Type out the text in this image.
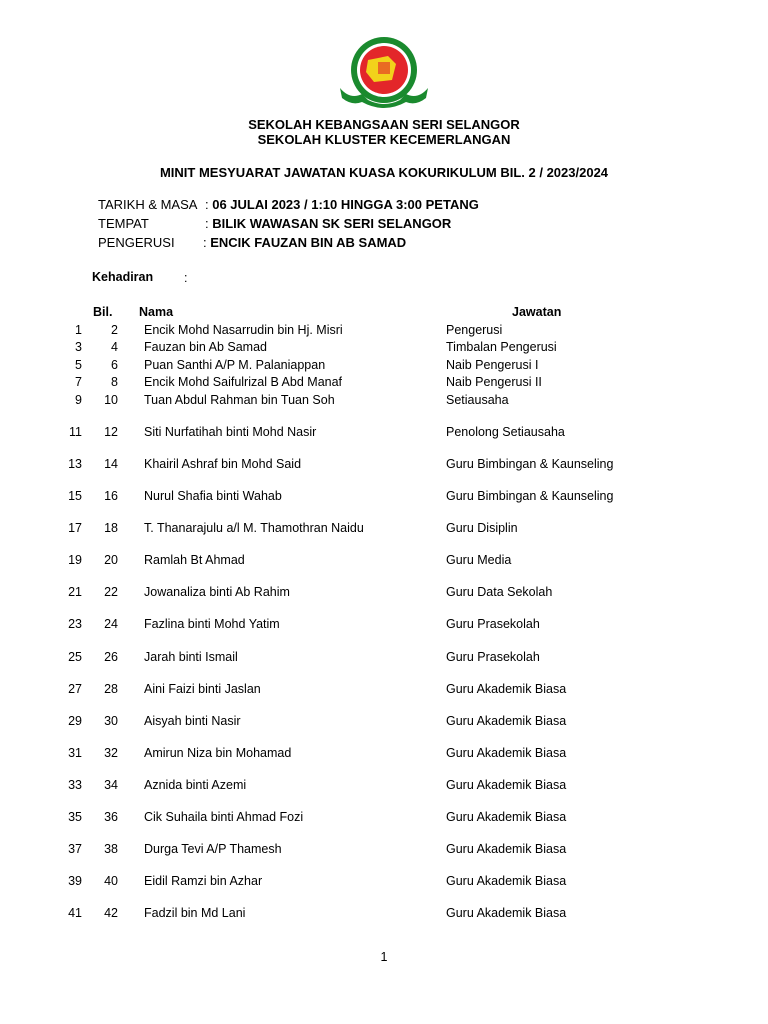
SEKOLAH KEBANGSAAN SERI SELANGOR
SEKOLAH KLUSTER KECEMERLANGAN
MINIT MESYUARAT JAWATAN KUASA KOKURIKULUM BIL. 2 / 2023/2024
TARIKH & MASA : 06 JULAI 2023 / 1:10 HINGGA 3:00 PETANG
TEMPAT	: BILIK WAWASAN SK SERI SELANGOR
PENGERUSI : ENCIK FAUZAN BIN AB SAMAD
Kehadiran :
Bil. Nama	Jawatan
1	2 Encik Mohd Nasarrudin bin Hj. Misri	Pengerusi
3	4 Fauzan bin Ab Samad	Timbalan Pengerusi
5	6 Puan Santhi A/P M. Palaniappan	Naib Pengerusi I
7	8 Encik Mohd Saifulrizal B Abd Manaf	Naib Pengerusi II
9	10 Tuan Abdul Rahman bin Tuan Soh	Setiausaha
11	12 Siti Nurfatihah binti Mohd Nasir	Penolong Setiausaha
13	14 Khairil Ashraf bin Mohd Said	Guru Bimbingan & Kaunseling
15	16 Nurul Shafia binti Wahab	Guru Bimbingan & Kaunseling
17	18 T. Thanarajulu a/l M. Thamothran Naidu	Guru Disiplin
19	20 Ramlah Bt Ahmad	Guru Media
21	22 Jowanaliza binti Ab Rahim	Guru Data Sekolah
23	24 Fazlina binti Mohd Yatim	Guru Prasekolah
25	26 Jarah binti Ismail	Guru Prasekolah
27	28 Aini Faizi binti Jaslan	Guru Akademik Biasa
29	30 Aisyah binti Nasir	Guru Akademik Biasa
31	32 Amirun Niza bin Mohamad	Guru Akademik Biasa
33	34 Aznida binti Azemi	Guru Akademik Biasa
35	36 Cik Suhaila binti Ahmad Fozi	Guru Akademik Biasa
37	38 Durga Tevi A/P Thamesh	Guru Akademik Biasa
39	40 Eidil Ramzi bin Azhar	Guru Akademik Biasa
41	42 Fadzil bin Md Lani	Guru Akademik Biasa
1
